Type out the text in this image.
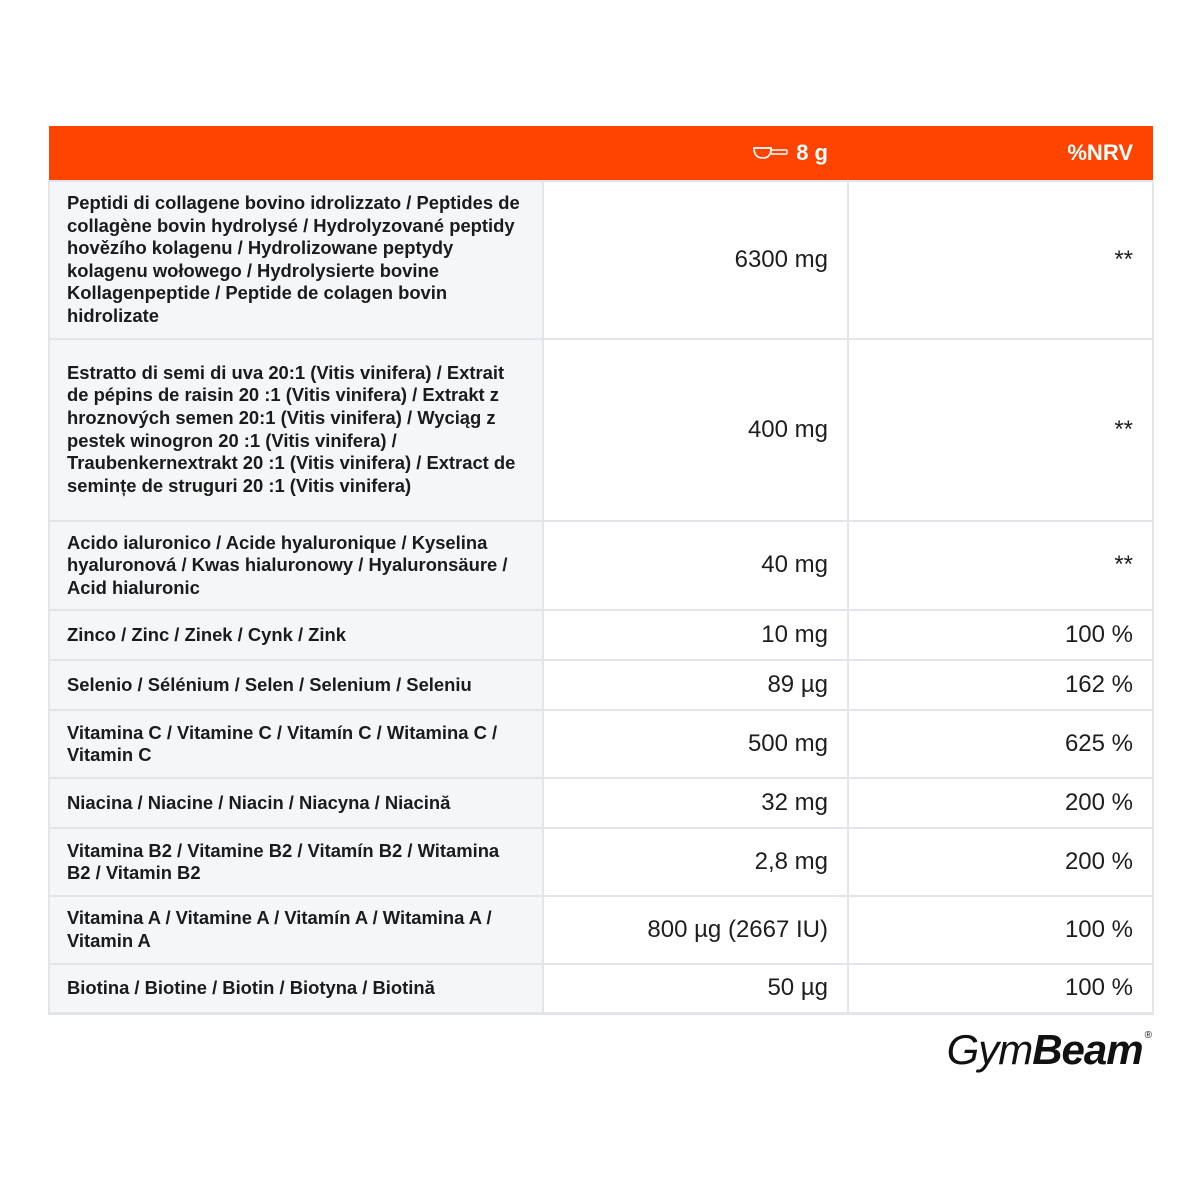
	8 g	%NRV
Peptidi di collagene bovino idrolizzato / Peptides de collagène bovin hydrolysé / Hydrolyzované peptidy hovězího kolagenu / Hydrolizowane peptydy kolagenu wołowego / Hydrolysierte bovine Kollagenpeptide / Peptide de colagen bovin hidrolizate	6300 mg	**
Estratto di semi di uva 20:1 (Vitis vinifera) / Extrait de pépins de raisin 20 :1 (Vitis vinifera) / Extrakt z hroznových semen 20:1 (Vitis vinifera) / Wyciąg z pestek winogron 20 :1 (Vitis vinifera) / Traubenkernextrakt 20 :1 (Vitis vinifera) / Extract de semințe de struguri 20 :1 (Vitis vinifera)	400 mg	**
Acido ialuronico / Acide hyaluronique / Kyselina hyaluronová / Kwas hialuronowy / Hyaluronsäure / Acid hialuronic	40 mg	**
Zinco / Zinc / Zinek / Cynk / Zink	10 mg	100 %
Selenio / Sélénium / Selen / Selenium / Seleniu	89 µg	162 %
Vitamina C / Vitamine C / Vitamín C / Witamina C / Vitamin C	500 mg	625 %
Niacina / Niacine / Niacin / Niacyna / Niacină	32 mg	200 %
Vitamina B2 / Vitamine B2 / Vitamín B2 / Witamina B2 / Vitamin B2	2,8 mg	200 %
Vitamina A / Vitamine A / Vitamín A / Witamina A / Vitamin A	800 µg (2667 IU)	100 %
Biotina / Biotine / Biotin / Biotyna / Biotină	50 µg	100 %
GymBeam ®
